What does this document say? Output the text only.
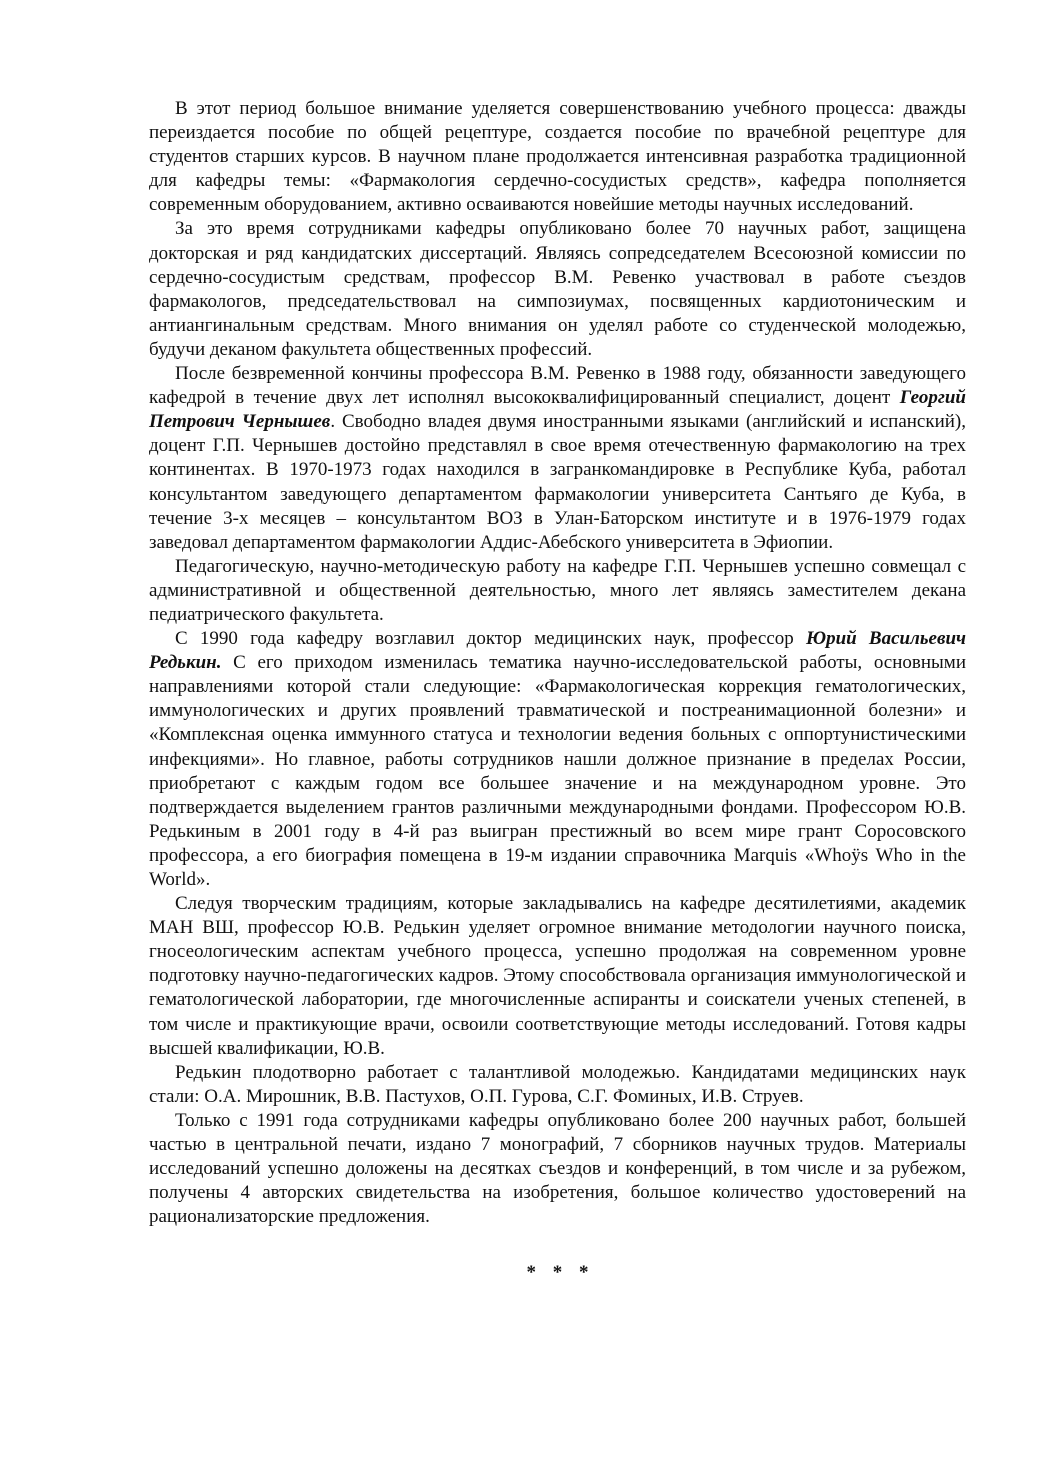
В этот период большое внимание уделяется совершенствованию учебного процесса: дважды переиздается пособие по общей рецептуре, создается пособие по врачебной рецептуре для студентов старших курсов. В научном плане продолжается интенсивная разработка традиционной для кафедры темы: «Фармакология сердечно-сосудистых средств», кафедра пополняется современным оборудованием, активно осваиваются новейшие методы научных исследований.

За это время сотрудниками кафедры опубликовано более 70 научных работ, защищена докторская и ряд кандидатских диссертаций. Являясь сопредседателем Всесоюзной комиссии по сердечно-сосудистым средствам, профессор В.М. Ревенко участвовал в работе съездов фармакологов, председательствовал на симпозиумах, посвященных кардиотоническим и антиангинальным средствам. Много внимания он уделял работе со студенческой молодежью, будучи деканом факультета общественных профессий.

После безвременной кончины профессора В.М. Ревенко в 1988 году, обязанности заведующего кафедрой в течение двух лет исполнял высококвалифицированный специалист, доцент Георгий Петрович Чернышев. Свободно владея двумя иностранными языками (английский и испанский), доцент Г.П. Чернышев достойно представлял в свое время отечественную фармакологию на трех континентах. В 1970-1973 годах находился в загранкомандировке в Республике Куба, работал консультантом заведующего департаментом фармакологии университета Сантьяго де Куба, в течение 3-х месяцев – консультантом ВОЗ в Улан-Баторском институте и в 1976-1979 годах заведовал департаментом фармакологии Аддис-Абебского университета в Эфиопии.

Педагогическую, научно-методическую работу на кафедре Г.П. Чернышев успешно совмещал с административной и общественной деятельностью, много лет являясь заместителем декана педиатрического факультета.

С 1990 года кафедру возглавил доктор медицинских наук, профессор Юрий Васильевич Редькин. С его приходом изменилась тематика научно-исследовательской работы, основными направлениями которой стали следующие: «Фармакологическая коррекция гематологических, иммунологических и других проявлений травматической и постреанимационной болезни» и «Комплексная оценка иммунного статуса и технологии ведения больных с оппортунистическими инфекциями». Но главное, работы сотрудников нашли должное признание в пределах России, приобретают с каждым годом все большее значение и на международном уровне. Это подтверждается выделением грантов различными международными фондами. Профессором Ю.В. Редькиным в 2001 году в 4-й раз выигран престижный во всем мире грант Соросовского профессора, а его биография помещена в 19-м издании справочника Marquis «Whoÿs Who in the World».

Следуя творческим традициям, которые закладывались на кафедре десятилетиями, академик МАН ВШ, профессор Ю.В. Редькин уделяет огромное внимание методологии научного поиска, гносеологическим аспектам учебного процесса, успешно продолжая на современном уровне подготовку научно-педагогических кадров. Этому способствовала организация иммунологической и гематологической лаборатории, где многочисленные аспиранты и соискатели ученых степеней, в том числе и практикующие врачи, освоили соответствующие методы исследований. Готовя кадры высшей квалификации, Ю.В.

Редькин плодотворно работает с талантливой молодежью. Кандидатами медицинских наук стали: О.А. Мирошник, В.В. Пастухов, О.П. Гурова, С.Г. Фоминых, И.В. Струев.

Только с 1991 года сотрудниками кафедры опубликовано более 200 научных работ, большей частью в центральной печати, издано 7 монографий, 7 сборников научных трудов. Материалы исследований успешно доложены на десятках съездов и конференций, в том числе и за рубежом, получены 4 авторских свидетельства на изобретения, большое количество удостоверений на рационализаторские предложения.

* * *
